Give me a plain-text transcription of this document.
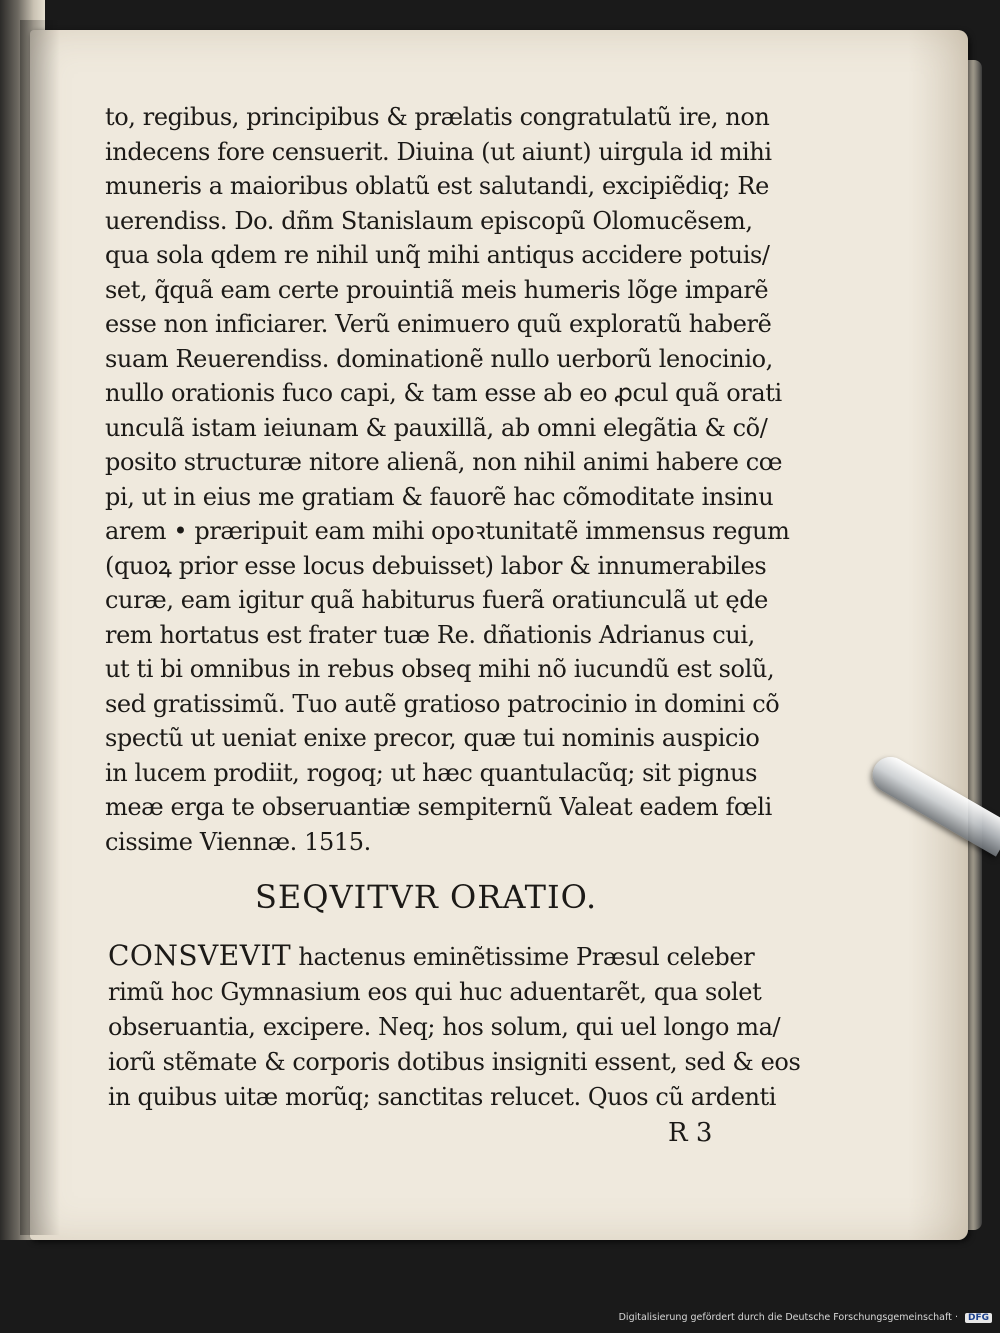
to, regibus, principibus & prælatis congratulatũ ire, non
indecens fore censuerit. Diuina (ut aiunt) uirgula id mihi
muneris a maioribus oblatũ est salutandi, excipiẽdiq; Re
uerendiss. Do. dñm Stanislaum episcopũ Olomucẽsem,
qua sola qdem re nihil unq̃ mihi antiqus accidere potuis/
set, q̃quã eam certe prouintiã meis humeris lõge imparẽ
esse non inficiarer. Verũ enimuero quũ exploratũ haberẽ
suam Reuerendiss. dominationẽ nullo uerborũ lenocinio,
nullo orationis fuco capi, & tam esse ab eo ꝓcul quã orati
unculã istam ieiunam & pauxillã, ab omni elegãtia & cõ/
posito structuræ nitore alienã, non nihil animi habere cœ
pi, ut in eius me gratiam & fauorẽ hac cõmoditate insinu
arem • præripuit eam mihi opoꝛtunitatẽ immensus regum
(quoꝝ prior esse locus debuisset) labor & innumerabiles
curæ, eam igitur quã habiturus fuerã oratiunculã ut ęde
rem hortatus est frater tuæ Re. dñationis Adrianus cui,
ut ti bi omnibus in rebus obseq mihi nõ iucundũ est solũ,
sed gratissimũ. Tuo autẽ gratioso patrocinio in domini cõ
spectũ ut ueniat enixe precor, quæ tui nominis auspicio
in lucem prodiit, rogoq; ut hæc quantulacũq; sit pignus
meæ erga te obseruantiæ sempiternũ Valeat eadem fœli
cissime Viennæ. 1515.
SEQVITVR ORATIO.
CONSVEVIT hactenus eminẽtissime Præsul celeber
rimũ hoc Gymnasium eos qui huc aduentarẽt, qua solet
obseruantia, excipere. Neq; hos solum, qui uel longo ma/
iorũ stẽmate & corporis dotibus insigniti essent, sed & eos
in quibus uitæ morũq; sanctitas relucet. Quos cũ ardenti
R 3
Digitalisierung gefördert durch die Deutsche Forschungsgemeinschaft · DFG
